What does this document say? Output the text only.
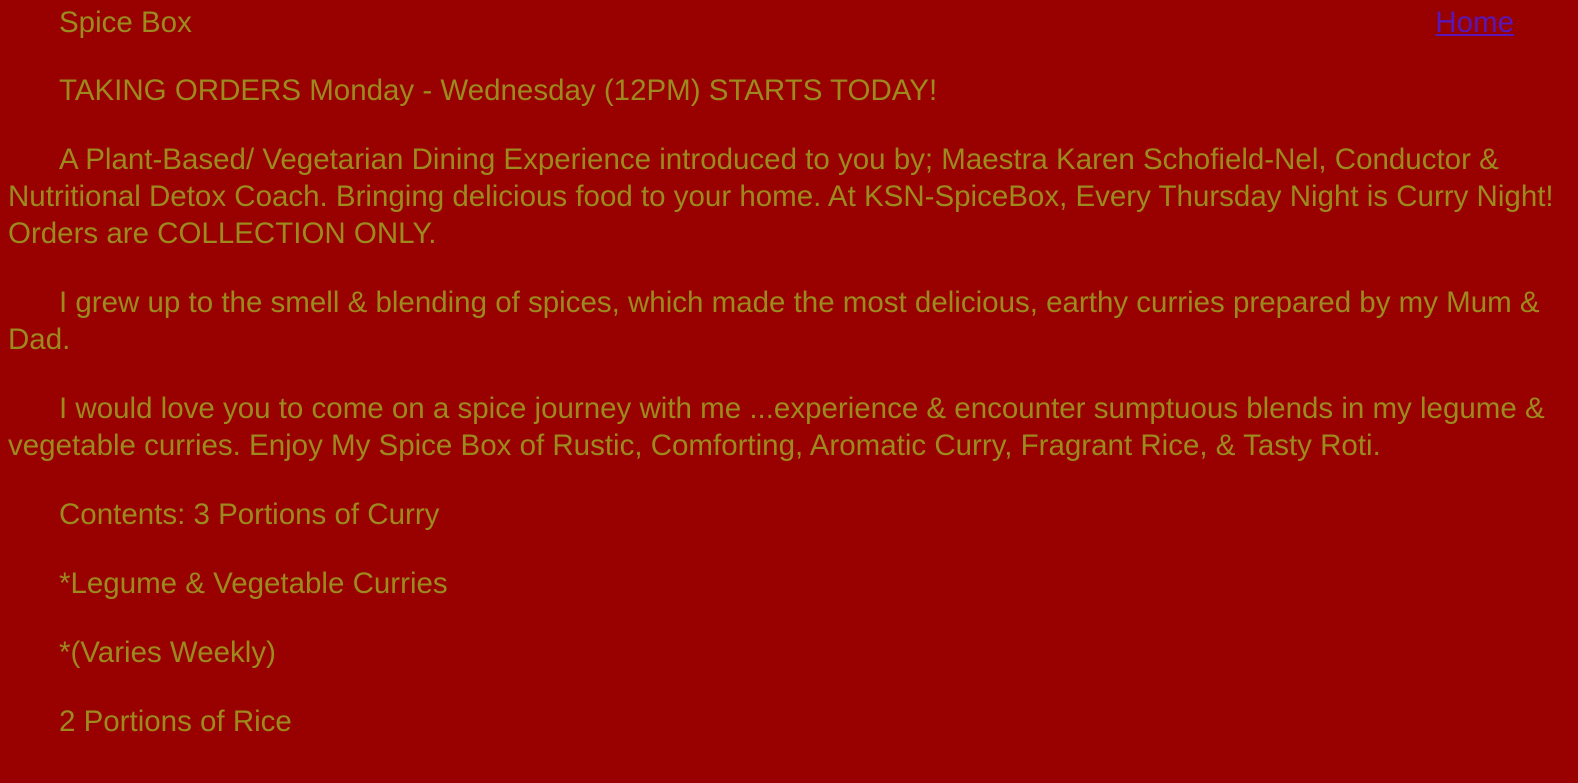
Spice Box
TAKING ORDERS Monday - Wednesday (12PM) STARTS TODAY!
A Plant-Based/ Vegetarian Dining Experience introduced to you by; Maestra Karen Schofield-Nel, Conductor & Nutritional Detox Coach. Bringing delicious food to your home. At KSN-SpiceBox, Every Thursday Night is Curry Night! Orders are COLLECTION ONLY.
I grew up to the smell & blending of spices, which made the most delicious, earthy curries prepared by my Mum & Dad.
I would love you to come on a spice journey with me ...experience & encounter sumptuous blends in my legume & vegetable curries. Enjoy My Spice Box of Rustic, Comforting, Aromatic Curry, Fragrant Rice, & Tasty Roti.
Contents: 3 Portions of Curry
*Legume & Vegetable Curries
*(Varies Weekly)
2 Portions of Rice
Home
